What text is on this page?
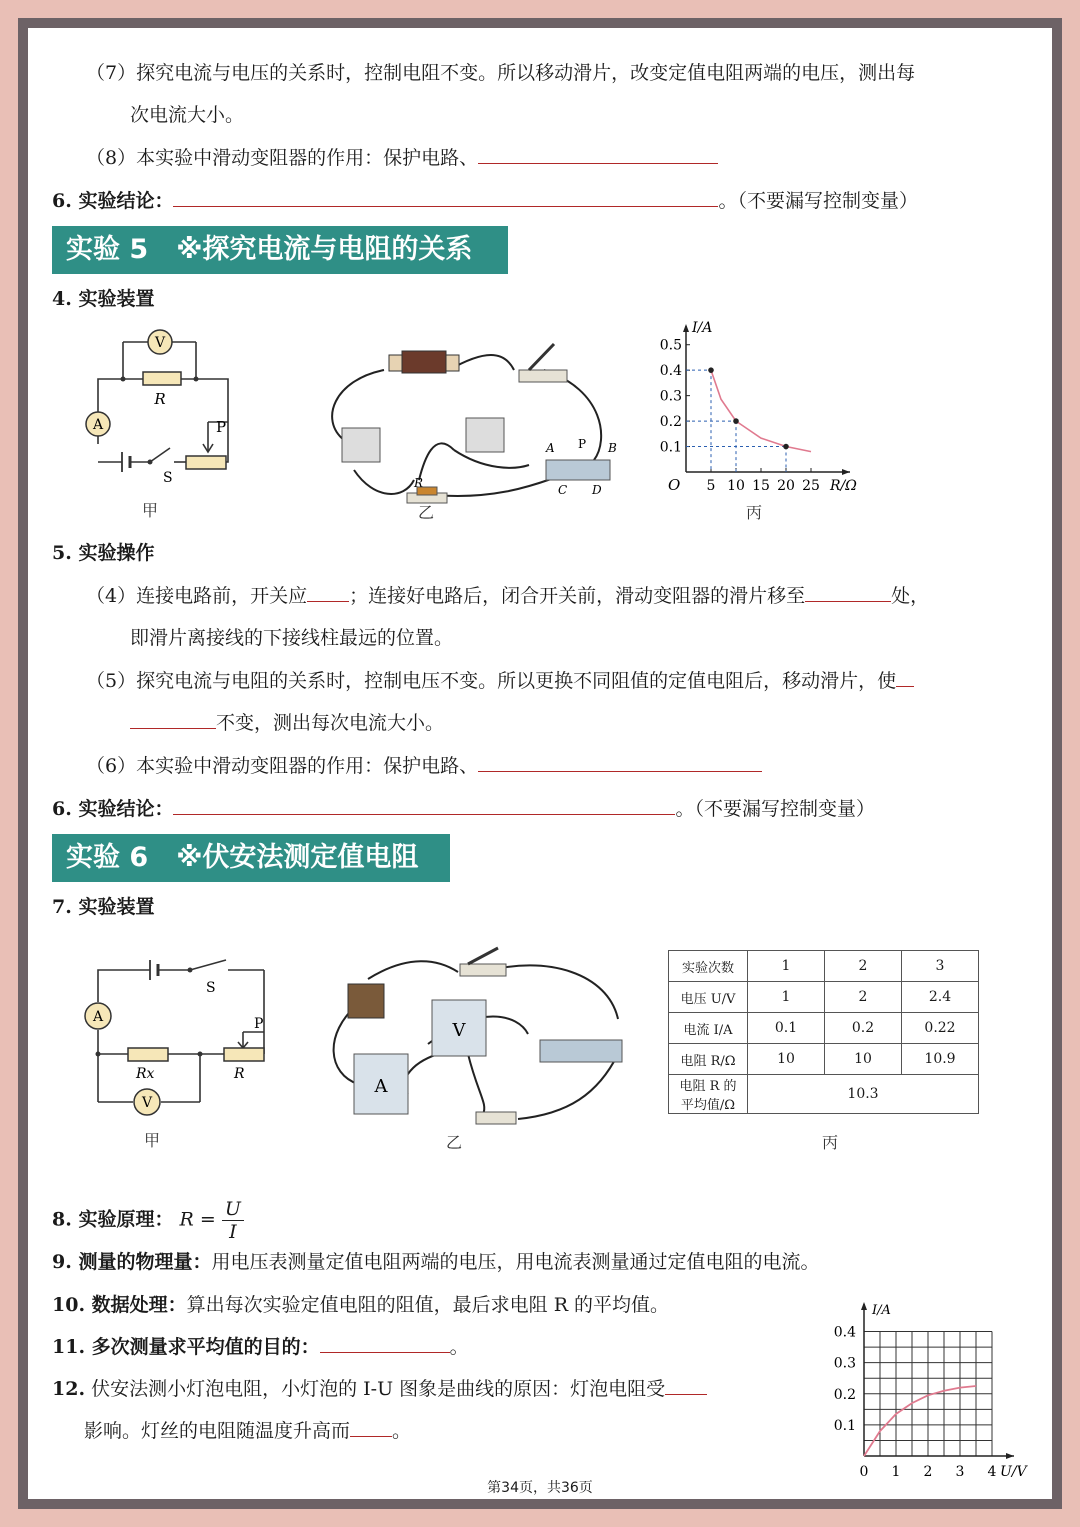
（7）探究电流与电压的关系时，控制电阻不变。所以移动滑片，改变定值电阻两端的电压，测出每
次电流大小。
（8）本实验中滑动变阻器的作用：保护电路、
6. 实验结论：	。（不要漏写控制变量）
实验 5 ※探究电流与电阻的关系
4. 实验装置
V
A
R
P
S
甲
A P B
C D
R
乙
I/A
R/Ω
O 5 10 15 20 25
0.1
0.2
0.3
0.4
0.5
丙
5. 实验操作
（4）连接电路前，开关应 ；连接好电路后，闭合开关前，滑动变阻器的滑片移至	处，
即滑片离接线的下接线柱最远的位置。
（5）探究电流与电阻的关系时，控制电压不变。所以更换不同阻值的定值电阻后，移动滑片，使
不变，测出每次电流大小。
（6）本实验中滑动变阻器的作用：保护电路、
6. 实验结论：	。（不要漏写控制变量）
实验 6 ※伏安法测定值电阻
7. 实验装置
A
V
Rx	R
P
S
甲
V
A
乙
实验次数	1	2	3
电压 U/V	1	2	2.4
电流 I/A	0.1	0.2	0.22
电阻 R/Ω	10	10	10.9

电阻 R 的
平均值/Ω	10.3		
丙
8. 实验原理： $R = \frac{U}{I}$
9. 测量的物理量：用电压表测量定值电阻两端的电压，用电流表测量通过定值电阻的电流。
10. 数据处理：算出每次实验定值电阻的阻值，最后求电阻 R 的平均值。
11. 多次测量求平均值的目的：	。
12. 伏安法测小灯泡电阻，小灯泡的 I-U 图象是曲线的原因：灯泡电阻受
影响。灯丝的电阻随温度升高而 。
I/A
U/V
0 1 2 3 4
0.1
0.2
0.3
0.4
第34页，共36页
